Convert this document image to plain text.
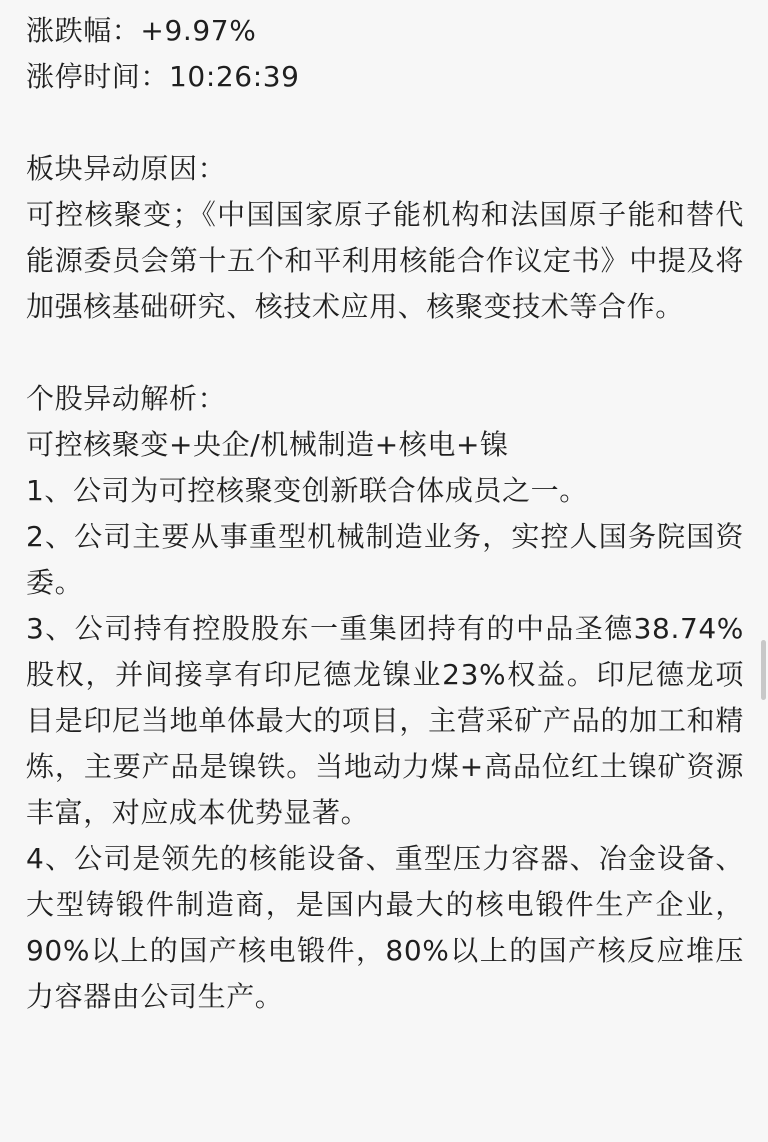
涨跌幅：+9.97%
涨停时间：10:26:39
板块异动原因：
可控核聚变；《中国国家原子能机构和法国原子能和替代能源委员会第十五个和平利用核能合作议定书》中提及将加强核基础研究、核技术应用、核聚变技术等合作。
个股异动解析：
可控核聚变+央企/机械制造+核电+镍
1、公司为可控核聚变创新联合体成员之一。
2、公司主要从事重型机械制造业务，实控人国务院国资委。
3、公司持有控股股东一重集团持有的中品圣德38.74%股权，并间接享有印尼德龙镍业23%权益。印尼德龙项目是印尼当地单体最大的项目，主营采矿产品的加工和精炼，主要产品是镍铁。当地动力煤+高品位红土镍矿资源丰富，对应成本优势显著。
4、公司是领先的核能设备、重型压力容器、冶金设备、大型铸锻件制造商，是国内最大的核电锻件生产企业，90%以上的国产核电锻件，80%以上的国产核反应堆压力容器由公司生产。
